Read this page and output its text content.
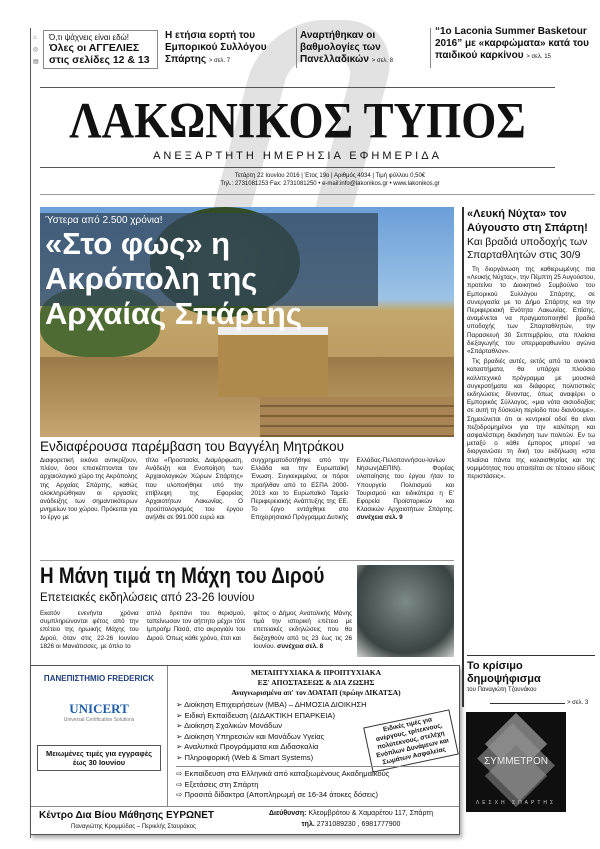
⌂
◎
▤
Ό,τι ψάχνεις είναι εδώ!
Όλες οι ΑΓΓΕΛΙΕΣ στις σελίδες 12 & 13
Η ετήσια εορτή του Εμπορικού Συλλόγου Σπάρτης > σελ. 7
Αναρτήθηκαν οι βαθμολογίες των Πανελλαδικών > σελ. 8
“1ο Laconia Summer Basketour 2016” με «καρφώματα» κατά του παιδικού καρκίνου > σελ. 15
ΛΑΚΩΝΙΚΟΣ ΤΥΠΟΣ
ΑΝΕΞΑΡΤΗΤΗ ΗΜΕΡΗΣΙΑ ΕΦΗΜΕΡΙΔΑ
Τετάρτη 22 Ιουνίου 2016 | Έτος 19ο | Αριθμός 4934 | Τιμή φύλλου 0,50€
Τηλ.: 2731081253 Fax: 2731081250 • e-mail:info@lakonikos.gr • www.lakonikos.gr
Ύστερα από 2.500 χρόνια!
«Στο φως» η Ακρόπολη της Αρχαίας Σπάρτης
Ενδιαφέρουσα παρέμβαση του Βαγγέλη Μητράκου

Διαφορετική εικόνα αντικρίζουν, πλέον, όσοι επισκέπτονται τον αρχαιολογικό χώρο της Ακρόπολης της Αρχαίας Σπάρτης, καθώς ολοκληρώθηκαν οι εργασίες ανάδειξης των σημαντικότερων μνημείων του χώρου. Πρόκειται για το έργο με

τίτλο «Προστασία, Διαμόρφωση, Ανάδειξη και Ενοποίηση των Αρχαιολογικών Χώρων Σπάρτης» που υλοποιήθηκε υπό την επίβλεψη της Εφορείας Αρχαιοτήτων Λακωνίας. Ο προϋπολογισμός του έργου ανήλθε σε 991.000 ευρώ και

συγχρηματοδοτήθηκε από την Ελλάδα και την Ευρωπαϊκή Ένωση. Συγκεκριμένα, οι πόροι προήλθαν από το ΕΣΠΑ 2000-2013 και το Ευρωπαϊκό Ταμείο Περιφερειακής Ανάπτυξης της ΕΕ. Το έργο εντάχθηκε στο Επιχειρησιακό Πρόγραμμα Δυτικής

Ελλάδας-Πελοποννήσου-Ιονίων Νήσων(ΔΕΠΙΝ). Φορέας υλοποίησης του έργου ήταν το Υπουργείο Πολιτισμού και Τουρισμού και ειδικότερα η Ε' Εφορεία Προϊστορικών και Κλασικών Αρχαιοτήτων Σπάρτης. συνέχεια σελ. 9

Η Μάνη τιμά τη Μάχη του Διρού
Επετειακές εκδηλώσεις από 23-26 Ιουνίου

Εκατόν ενενήντα χρόνια συμπληρώνονται φέτος από την επέτειο της ηρωικής Μάχης του Διρού, όταν στις 22-26 Ιουνίου 1826 οι Μανιάτισσες, με όπλο το

απλό δρεπάνι του θερισμού, ταπείνωσαν τον αήττητο μέχρι τότε Ιμπραήμ Πασά, στο ακρογιάλι του Διρού. Όπως κάθε χρόνο, έτσι και

φέτος ο Δήμος Ανατολικής Μάνης τιμά την ιστορική επέτειο με επετειακές εκδηλώσεις που θα διεξαχθούν από τις 23 έως τις 26 Ιουνίου. συνέχεια σελ. 8

ΠΑΝΕΠΙΣΤΗΜΙΟ FREDERICK
UNICERT
Universal Certification Solutions
Μειωμένες τιμές για εγγραφές έως 30 Ιουνίου
ΜΕΤΑΠΤΥΧΙΑΚΑ & ΠΡΟΠΤΥΧΙΑΚΑ
ΕΞ' ΑΠΟΣΤΑΣΕΩΣ & ΔΙΑ ΖΩΣΗΣ
Αναγνωρισμένα απ' τον ΔΟΑΤΑΠ (πρώην ΔΙΚΑΤΣΑ)
➢ Διοίκηση Επιχειρήσεων (MBA) – ΔΗΜΟΣΙΑ ΔΙΟΙΚΗΣΗ
➢ Ειδική Εκπαίδευση (ΔΙΔΑΚΤΙΚΗ ΕΠΑΡΚΕΙΑ)
➢ Διοίκηση Σχολικών Μονάδων
➢ Διοίκηση Υπηρεσιών και Μονάδων Υγείας
➢ Αναλυτικά Προγράμματα και Διδασκαλία
➢ Πληροφορική (Web & Smart Systems)
Ειδικές τιμές για ανέργους, τρίτεκνους, πολύτεκνους, στελέχη Ενόπλων Δυνάμεων και Σωμάτων Ασφαλείας
⇨ Εκπαίδευση στα Ελληνικά από καταξιωμένους Ακαδημαϊκούς
⇨ Εξετάσεις στη Σπάρτη
⇨ Προσιτά δίδακτρα (Αποπληρωμή σε 16-34 άτοκες δόσεις)
Κέντρο Δια Βίου Μάθησης ΕΥΡΩΝΕΤ
Παναγιώτης Κρομμύδας – Περικλής Σταυράκος
Διεύθυνση: Κλεομβρότου & Χαμαρέτου 117, Σπάρτη
τηλ. 2731089230 , 6981777900
«Λευκή Νύχτα» τον Αύγουστο στη Σπάρτη!
Και βραδιά υποδοχής των Σπαρταθλητών στις 30/9

Τη διοργάνωση της καθιερωμένης πια «Λευκής Νύχτας», την Πέμπτη 25 Αυγούστου, προτείνει το Διοικητικό Συμβούλιο του Εμπορικού Συλλόγου Σπάρτης, σε συνεργασία με το Δήμο Σπάρτης και την Περιφερειακή Ενότητα Λακωνίας. Επίσης, αναμένεται να πραγματοποιηθεί βραδιά υποδοχής των Σπαρταθλητών, την Παρασκευή 30 Σεπτεμβρίου, στα πλαίσια διεξαγωγής του υπερμαραθωνίου αγώνα «Σπάρταθλον».

Τις βραδιές αυτές, εκτός από τα ανοικτά καταστήματα, θα υπάρχει πλούσιο καλλιτεχνικό πρόγραμμα με μουσικά συγκροτήματα και διάφορες πολιτιστικές εκδηλώσεις δίνοντας, όπως αναφέρει ο Εμπορικός Σύλλογος, «μια νότα αισιοδοξίας σε αυτή τη δύσκολη περίοδο που διανύουμε». Σημειώνεται ότι οι κεντρικοί οδοί θα είναι πεζοδρομημένοι για την καλύτερη και ασφαλέστερη διακίνηση των πολιτών. Εν τω μεταξύ ο κάθε έμπορος μπορεί να διοργανώσει τη δική του εκδήλωση «στα πλαίσια πάντα της καλαισθησίας και της νομιμότητας που απαιτείται σε τέτοιου είδους περιστάσεις».

Το κρίσιμο δημοψήφισμα
του Παναγιώτη Τζουνάκου
> σελ. 3
ΣΥΜΜΕΤΡΟΝ
ΛΕΣΧΗ ΣΠΑΡΤΗΣ
